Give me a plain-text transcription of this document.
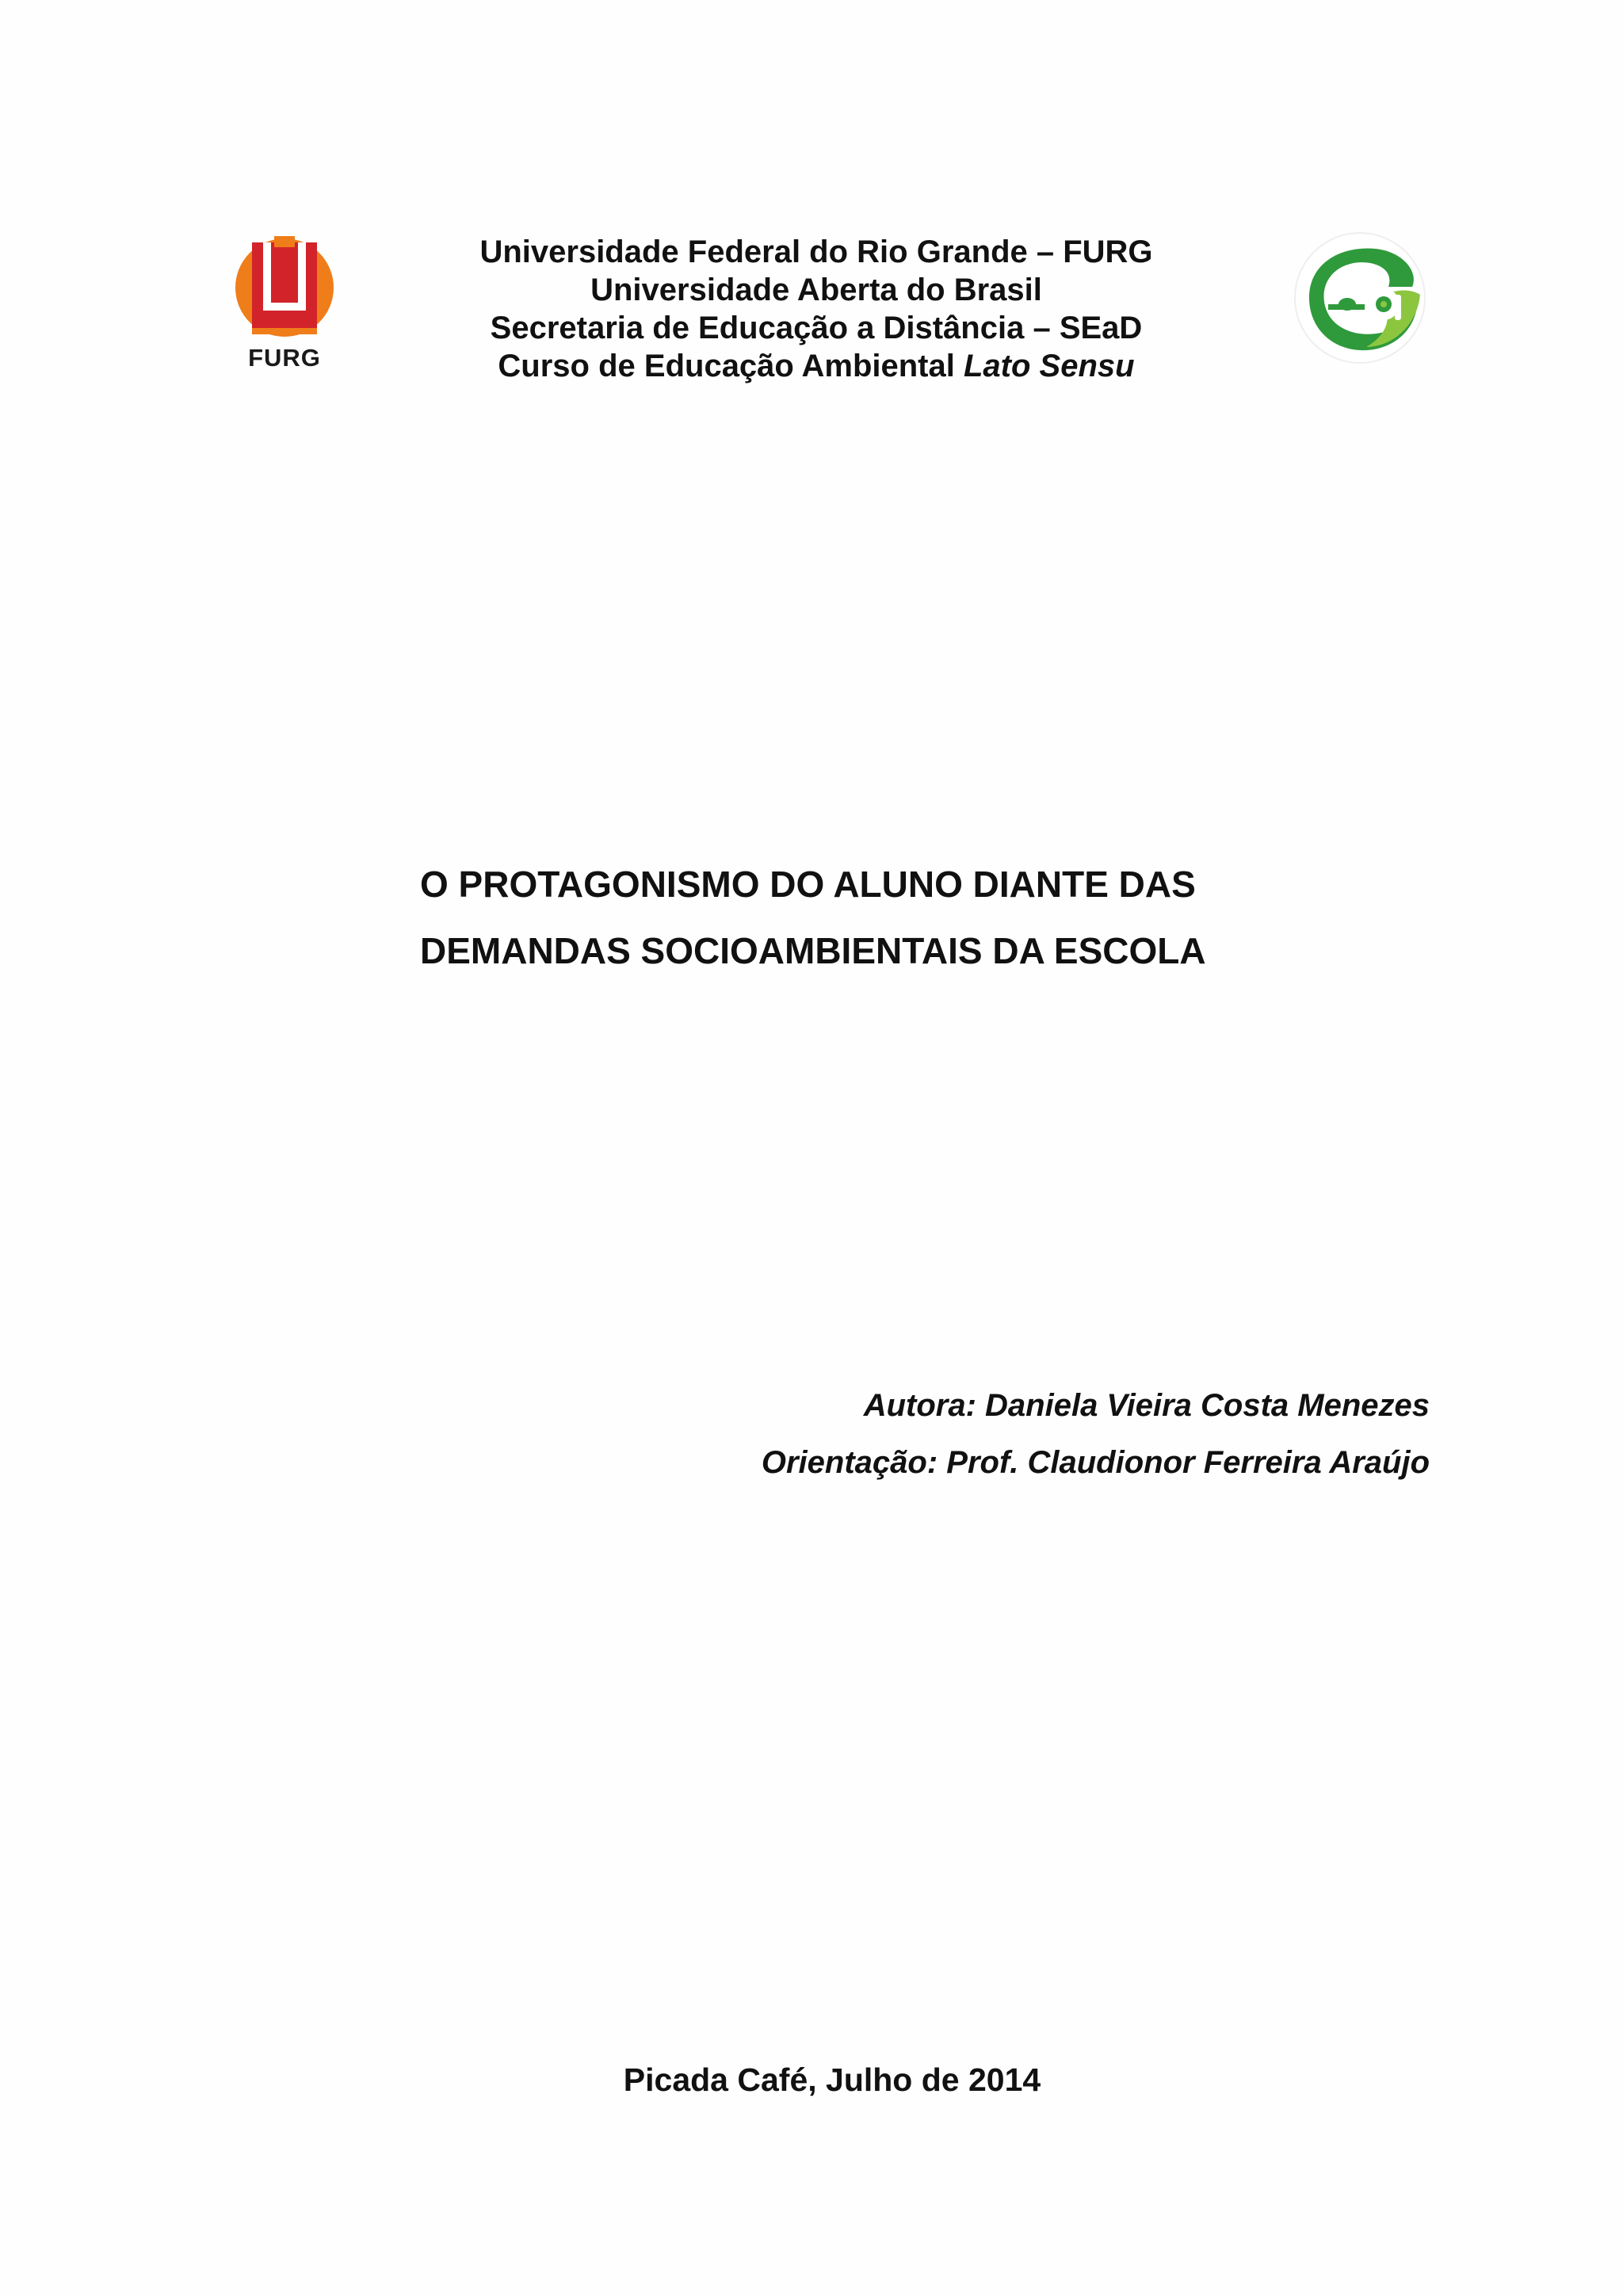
FURG
Universidade Federal do Rio Grande – FURG
Universidade Aberta do Brasil
Secretaria de Educação a Distância – SEaD
Curso de Educação Ambiental Lato Sensu
O PROTAGONISMO DO ALUNO DIANTE DAS
DEMANDAS SOCIOAMBIENTAIS DA ESCOLA
Autora: Daniela Vieira Costa Menezes
Orientação: Prof. Claudionor Ferreira Araújo
Picada Café, Julho de 2014
